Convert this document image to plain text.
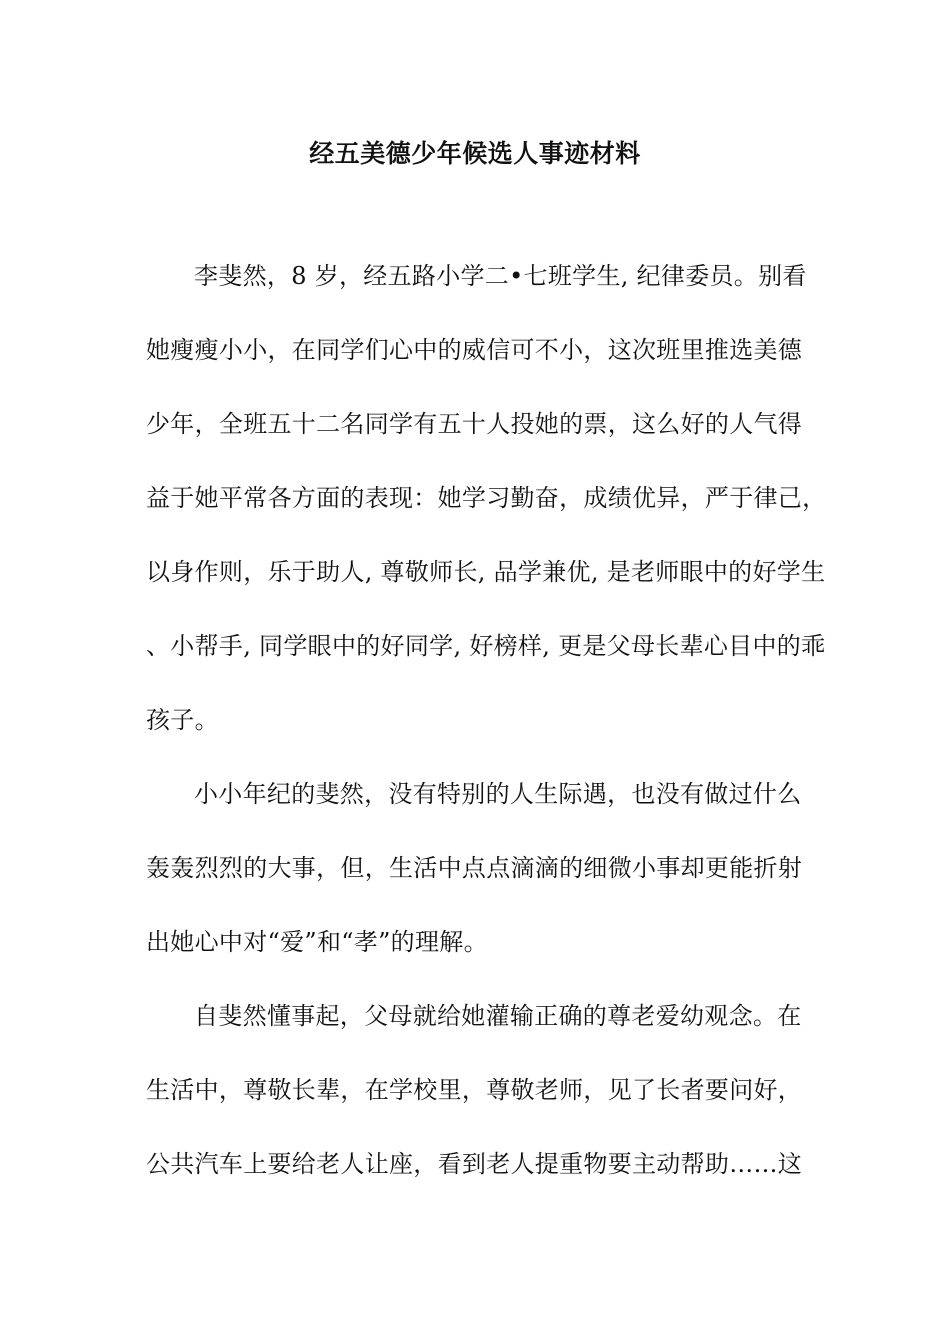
经五美德少年候选人事迹材料
李斐然，8 岁，经五路小学二•七班学生, 纪律委员。别看
她瘦瘦小小，在同学们心中的威信可不小，这次班里推选美德
少年，全班五十二名同学有五十人投她的票，这么好的人气得
益于她平常各方面的表现：她学习勤奋，成绩优异，严于律己，
以身作则，乐于助人, 尊敬师长, 品学兼优, 是老师眼中的好学生
、小帮手, 同学眼中的好同学, 好榜样, 更是父母长辈心目中的乖
孩子。
小小年纪的斐然，没有特别的人生际遇，也没有做过什么
轰轰烈烈的大事，但，生活中点点滴滴的细微小事却更能折射
出她心中对“爱”和“孝”的理解。
自斐然懂事起，父母就给她灌输正确的尊老爱幼观念。在
生活中，尊敬长辈，在学校里，尊敬老师，见了长者要问好，
公共汽车上要给老人让座，看到老人提重物要主动帮助……这
